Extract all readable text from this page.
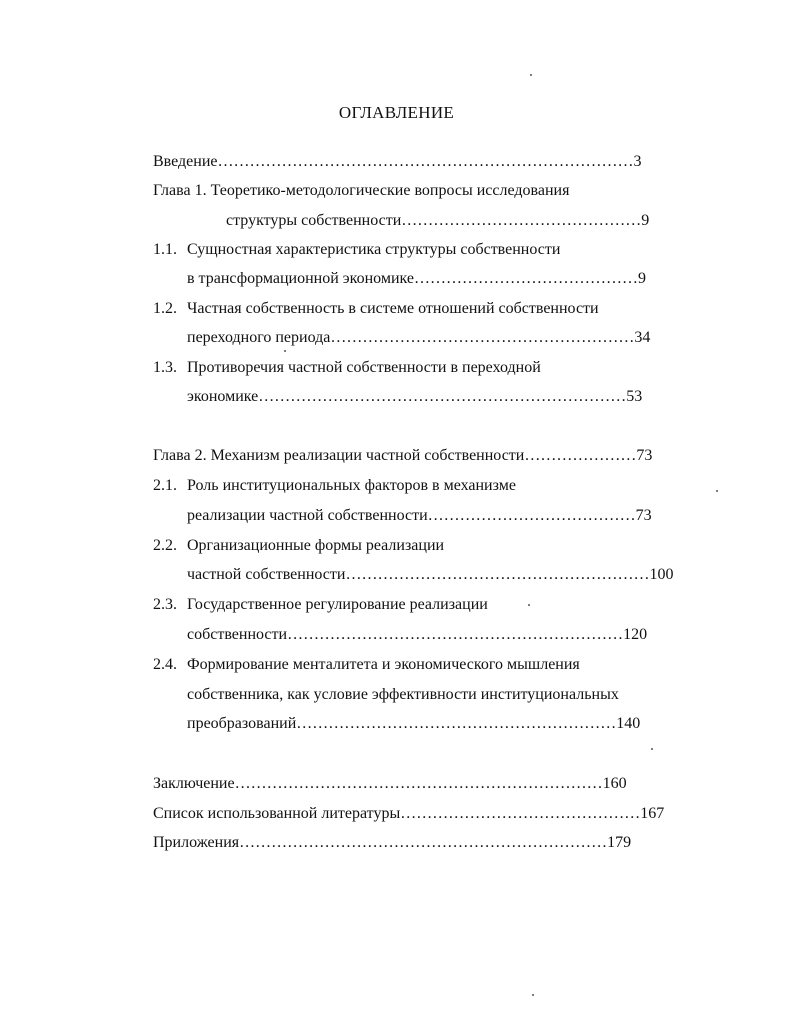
ОГЛАВЛЕНИЕ
Введение……………………………………………………………………3
Глава 1. Теоретико-методологические вопросы исследования
структуры собственности………………………………………9
1.1. Сущностная характеристика структуры собственности
в трансформационной экономике……………………………………9
1.2. Частная собственность в системе отношений собственности
переходного периода…………………………………………………34
1.3. Противоречия частной собственности в переходной
экономике……………………………………………………………53
Глава 2. Механизм реализации частной собственности…………………73
2.1. Роль институциональных факторов в механизме
реализации частной собственности…………………………………73
2.2. Организационные формы реализации
частной собственности…………………………………………………100
2.3. Государственное регулирование реализации
собственности………………………………………………………120
2.4. Формирование менталитета и экономического мышления
собственника, как условие эффективности институциональных
преобразований……………………………………………………140
Заключение……………………………………………………………160
Список использованной литературы………………………………………167
Приложения……………………………………………………………179
